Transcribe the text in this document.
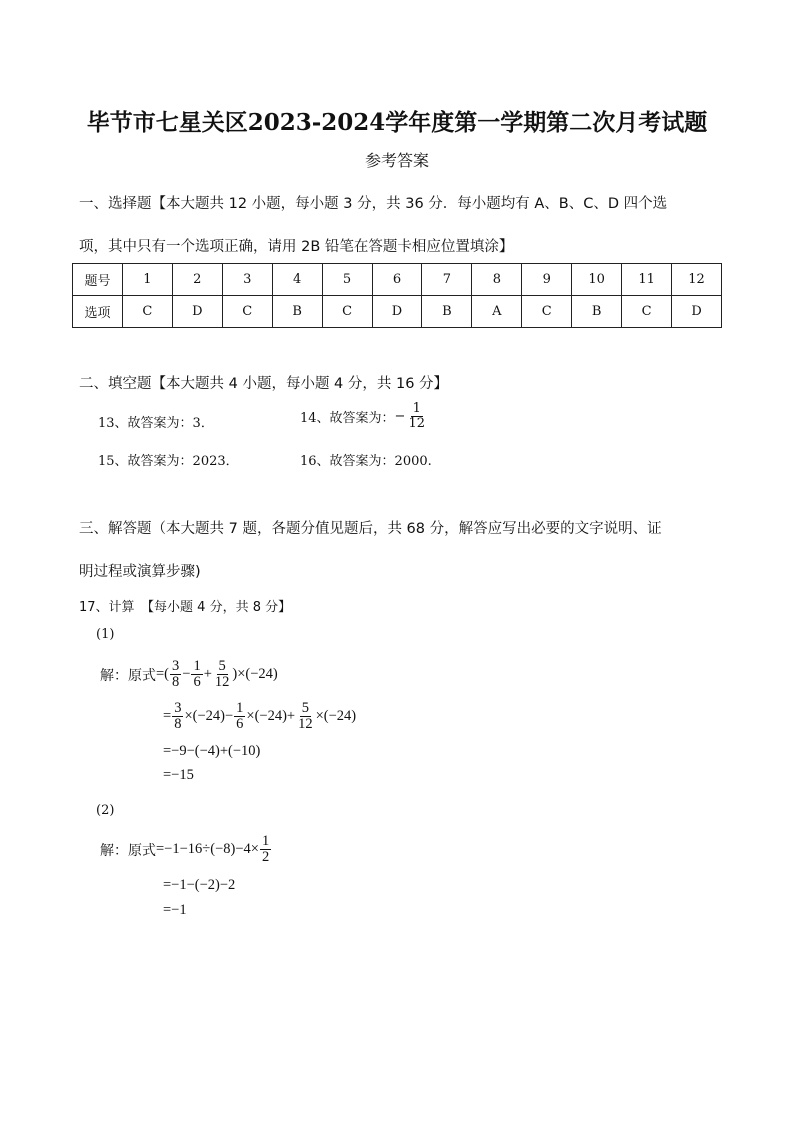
毕节市七星关区2023-2024学年度第一学期第二次月考试题
参考答案
一、选择题【本大题共 12 小题，每小题 3 分，共 36 分．每小题均有 A、B、C、D 四个选
项，其中只有一个选项正确，请用 2B 铅笔在答题卡相应位置填涂】
题号	1	2	3	4	5	6	7	8	9	10	11	12
选项	C	D	C	B	C	D	B	A	C	B	C	D
二、填空题【本大题共 4 小题，每小题 4 分，共 16 分】
13、故答案为：3．	14、故答案为： − $\frac{1}{12}$
15、故答案为：2023．	16、故答案为：2000.
三、解答题（本大题共 7 题，各题分值见题后，共 68 分，解答应写出必要的文字说明、证
明过程或演算步骤)
17、计算　【每小题 4 分，共 8 分】
(1)
解：原式 =( $\frac{3}{8} - \frac{1}{6} + \frac{5}{12} )\times(-24)$
= $\frac{3}{8} \times(-24)- \frac{1}{6} \times(-24)+ \frac{5}{12} \times(-24)$
=−9−(−4)+(−10)
=−15
(2)
解：原式 $=-1-16\div(-8)-4\times \frac{1}{2}$
=−1−(−2)−2
=−1
